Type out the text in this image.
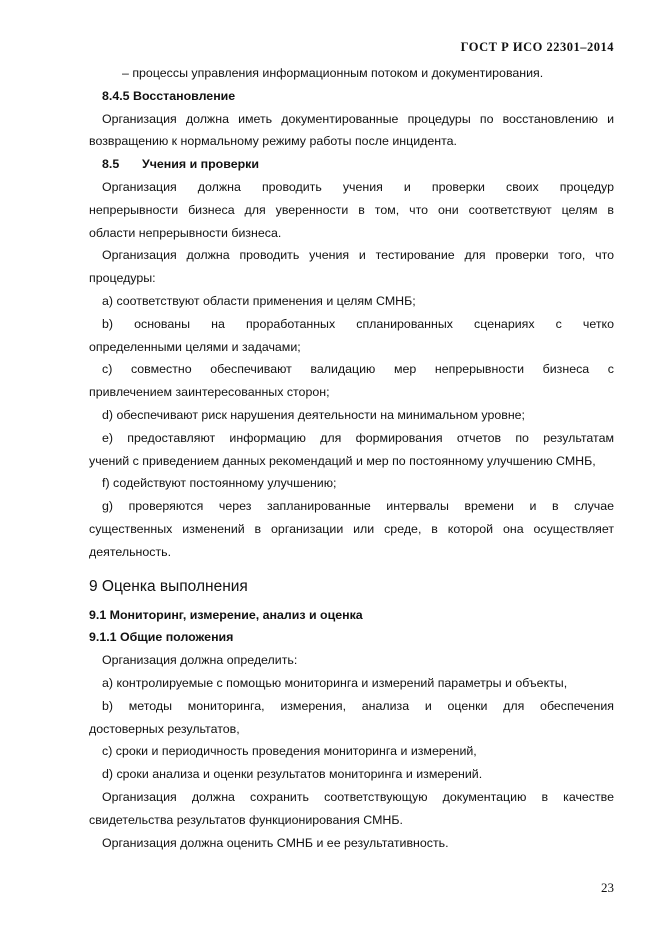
ГОСТ Р ИСО 22301–2014
– процессы управления информационным потоком и документирования.
8.4.5 Восстановление
Организация должна иметь документированные процедуры по восстановлению и
возвращению к нормальному режиму работы после инцидента.
8.5 Учения и проверки
Организация должна проводить учения и проверки своих процедур
непрерывности бизнеса для уверенности в том, что они соответствуют целям в
области непрерывности бизнеса.
Организация должна проводить учения и тестирование для проверки того, что
процедуры:
a) соответствуют области применения и целям СМНБ;
b) основаны на проработанных спланированных сценариях с четко
определенными целями и задачами;
c) совместно обеспечивают валидацию мер непрерывности бизнеса с
привлечением заинтересованных сторон;
d) обеспечивают риск нарушения деятельности на минимальном уровне;
e) предоставляют информацию для формирования отчетов по результатам
учений с приведением данных рекомендаций и мер по постоянному улучшению СМНБ,
f) содействуют постоянному улучшению;
g) проверяются через запланированные интервалы времени и в случае
существенных изменений в организации или среде, в которой она осуществляет
деятельность.
9 Оценка выполнения
9.1 Мониторинг, измерение, анализ и оценка
9.1.1 Общие положения
Организация должна определить:
a) контролируемые с помощью мониторинга и измерений параметры и объекты,
b) методы мониторинга, измерения, анализа и оценки для обеспечения
достоверных результатов,
c) сроки и периодичность проведения мониторинга и измерений,
d) сроки анализа и оценки результатов мониторинга и измерений.
Организация должна сохранить соответствующую документацию в качестве
свидетельства результатов функционирования СМНБ.
Организация должна оценить СМНБ и ее результативность.
23
